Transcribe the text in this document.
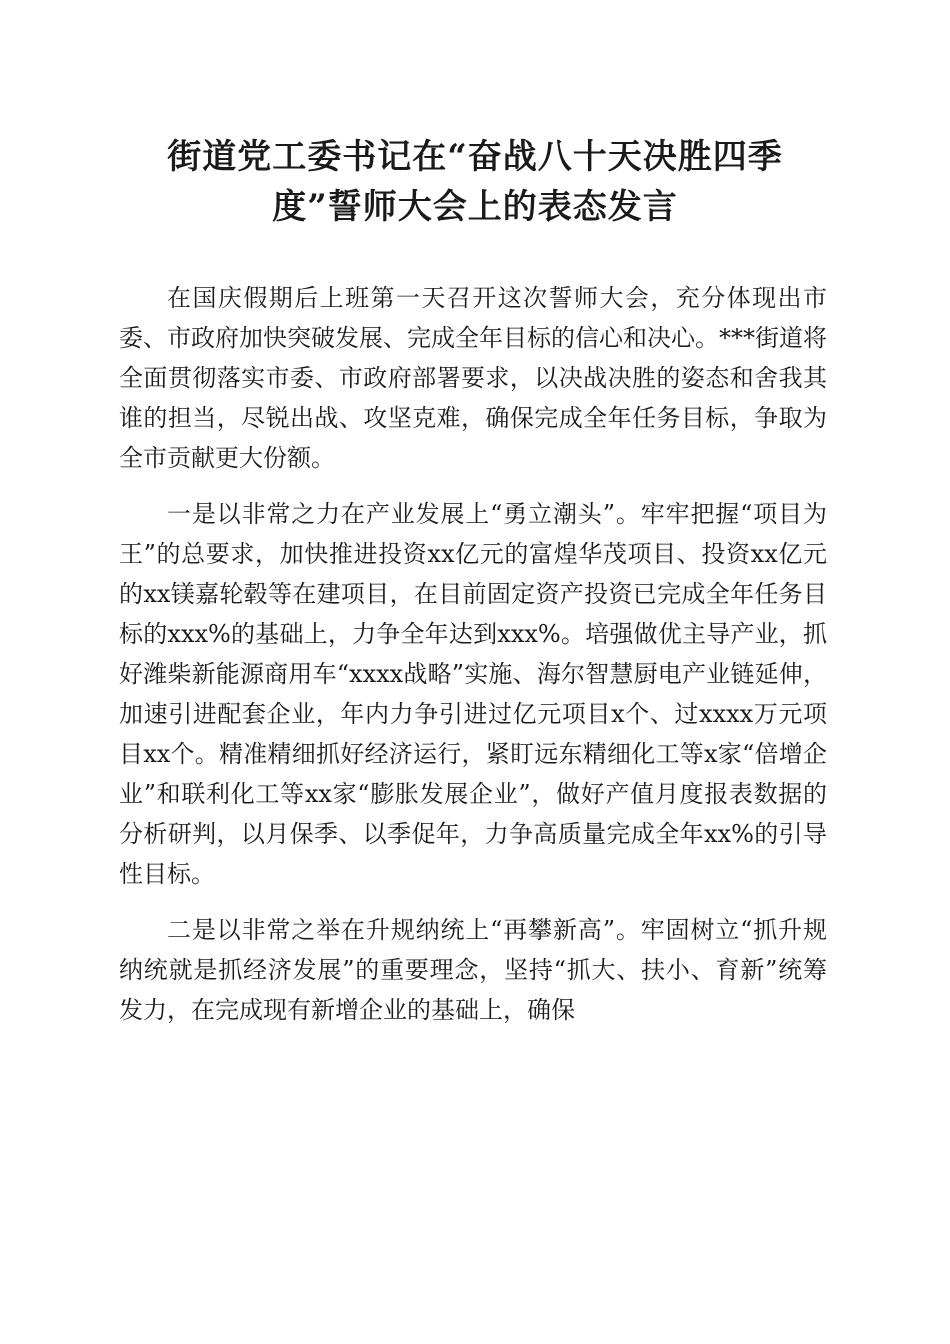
街道党工委书记在“奋战八十天决胜四季
度”誓师大会上的表态发言

在国庆假期后上班第一天召开这次誓师大会，充分体现出市委、市政府加快突破发展、完成全年目标的信心和决心。***街道将全面贯彻落实市委、市政府部署要求，以决战决胜的姿态和舍我其谁的担当，尽锐出战、攻坚克难，确保完成全年任务目标，争取为全市贡献更大份额。

一是以非常之力在产业发展上“勇立潮头”。牢牢把握“项目为王”的总要求，加快推进投资xx亿元的富煌华茂项目、投资xx亿元的xx镁嘉轮毂等在建项目，在目前固定资产投资已完成全年任务目标的xxx%的基础上，力争全年达到xxx%。培强做优主导产业，抓好潍柴新能源商用车“xxxx战略”实施、海尔智慧厨电产业链延伸，加速引进配套企业，年内力争引进过亿元项目x个、过xxxx万元项目xx个。精准精细抓好经济运行，紧盯远东精细化工等x家“倍增企业”和联利化工等xx家“膨胀发展企业”，做好产值月度报表数据的分析研判，以月保季、以季促年，力争高质量完成全年xx%的引导性目标。

二是以非常之举在升规纳统上“再攀新高”。牢固树立“抓升规纳统就是抓经济发展”的重要理念，坚持“抓大、扶小、育新”统筹发力，在完成现有新增企业的基础上，确保
